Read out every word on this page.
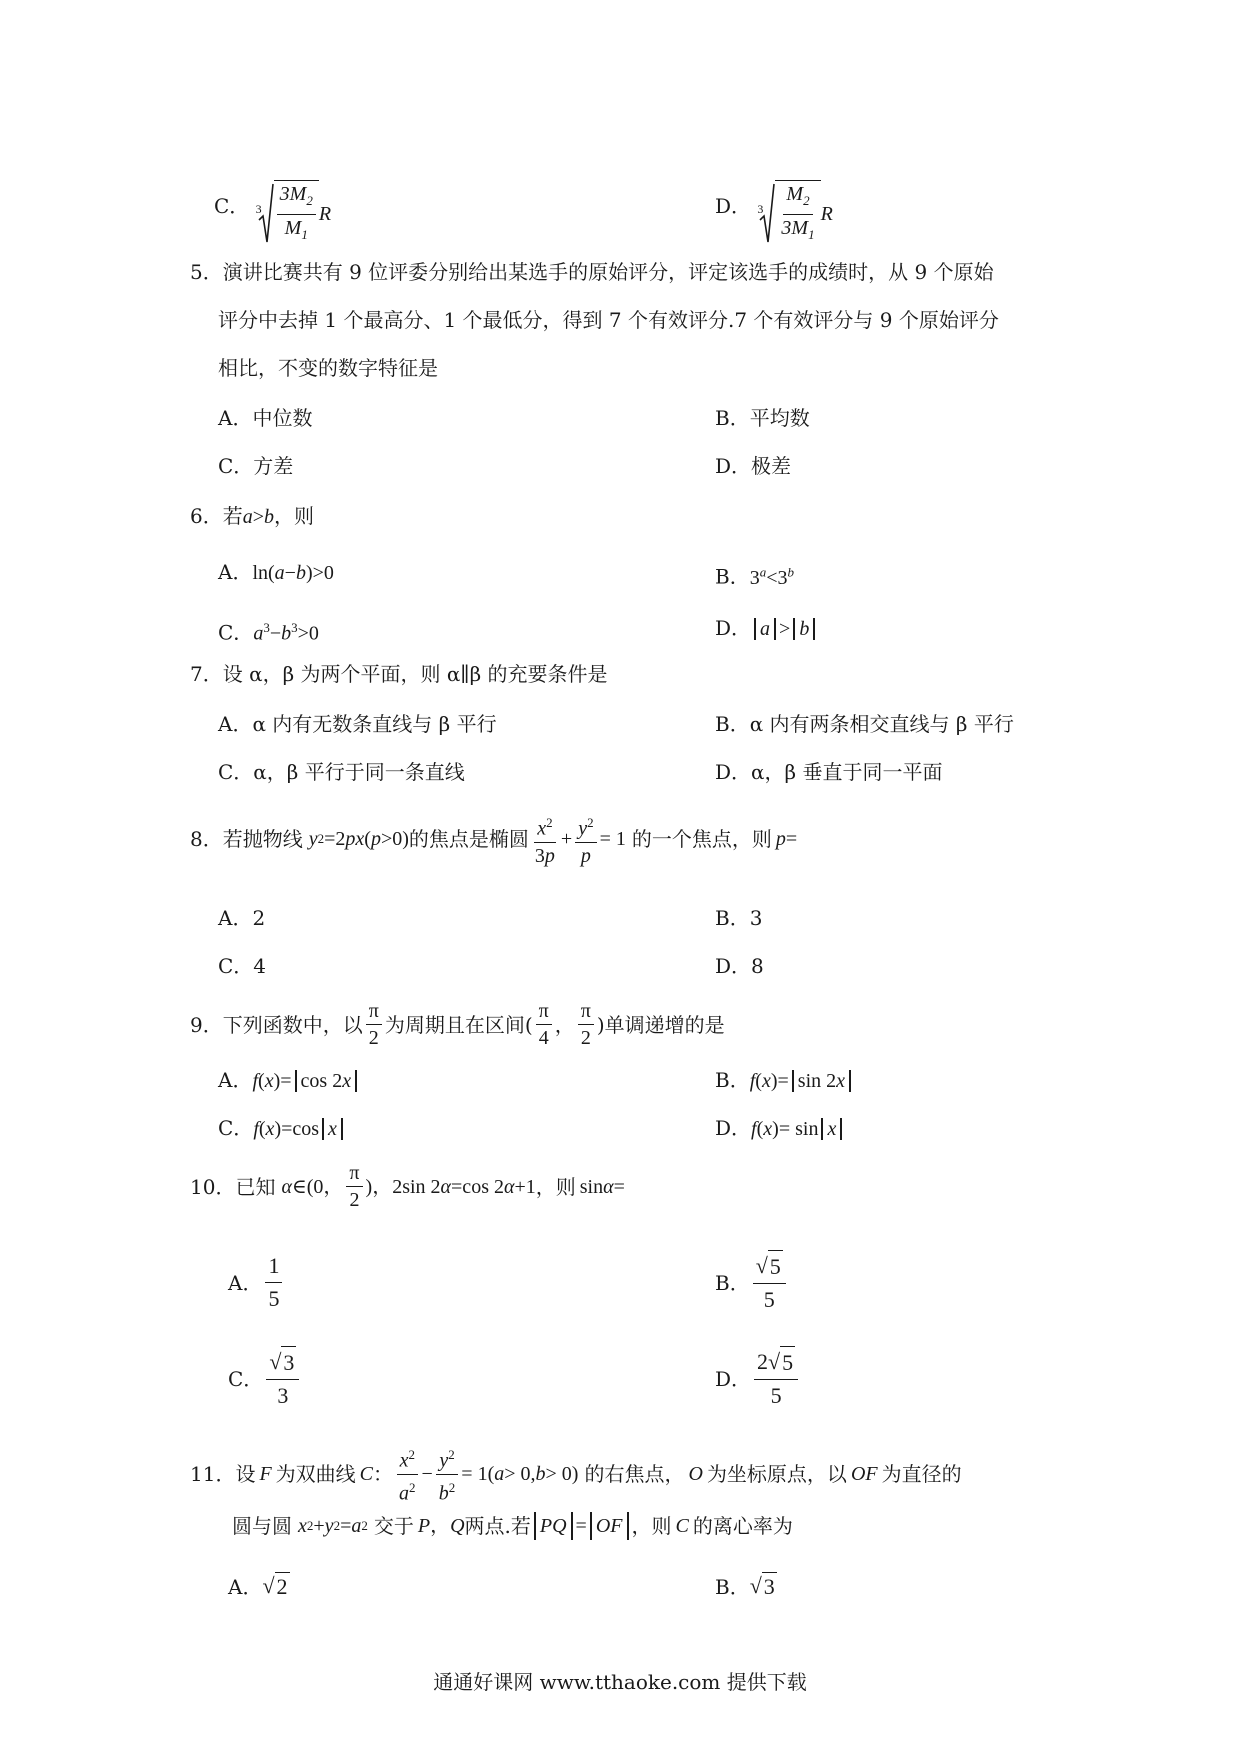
C． $3 \frac{3M_2}{M_1}$ R	D． $3 \frac{M_2}{3M_1}$ R
5．演讲比赛共有 9 位评委分别给出某选手的原始评分，评定该选手的成绩时，从 9 个原始
评分中去掉 1 个最高分、1 个最低分，得到 7 个有效评分.7 个有效评分与 9 个原始评分
相比，不变的数字特征是
A．中位数	B．平均数
C．方差	D．极差
6．若a>b，则
A．ln(a−b)>0	B．$3^a<3^b$
C．$a^3-b^3>0$	D． a > b
7．设 α，β 为两个平面，则 α∥β 的充要条件是
A．α 内有无数条直线与 β 平行	B．α 内有两条相交直线与 β 平行
C．α，β 平行于同一条直线	D．α，β 垂直于同一平面
8．若抛物线 y 2 =2 px ( p >0) 的焦点是椭圆 $\frac{x^2}{3p} + \frac{y^2}{p} = 1$ 的一个焦点，则 p =
A．2	B．3
C．4	D．8
9．下列函数中，以 $\frac{\pi}{2}$ 为周期且在区间( $\frac{\pi}{4}$ ， $\frac{\pi}{2}$ )单调递增的是
A．f(x)= cos 2x	B．f(x)= sin 2x
C．f(x)=cos x	D．f(x)= sin x
10．已知 α ∈(0， $\frac{\pi}{2}$ )，2sin 2 α =cos 2 α +1 ，则 sin α =
A． $\frac{1}{5}$	B． $\frac{√ 5}{5}$
C． $\frac{√ 3}{3}$	D． $\frac{2√ 5}{5}$
11．设 F 为双曲线 C ： $\frac{x^2}{a^2} - \frac{y^2}{b^2} = 1$( a > 0, b > 0) 的右焦点， O 为坐标原点，以 OF 为直径的
圆与圆 x 2 + y 2 = a 2 交于 P ， Q 两点.若 PQ = OF ，则 C 的离心率为
A． √ 2	B． √ 3
通通好课网 www.tthaoke.com 提供下载
